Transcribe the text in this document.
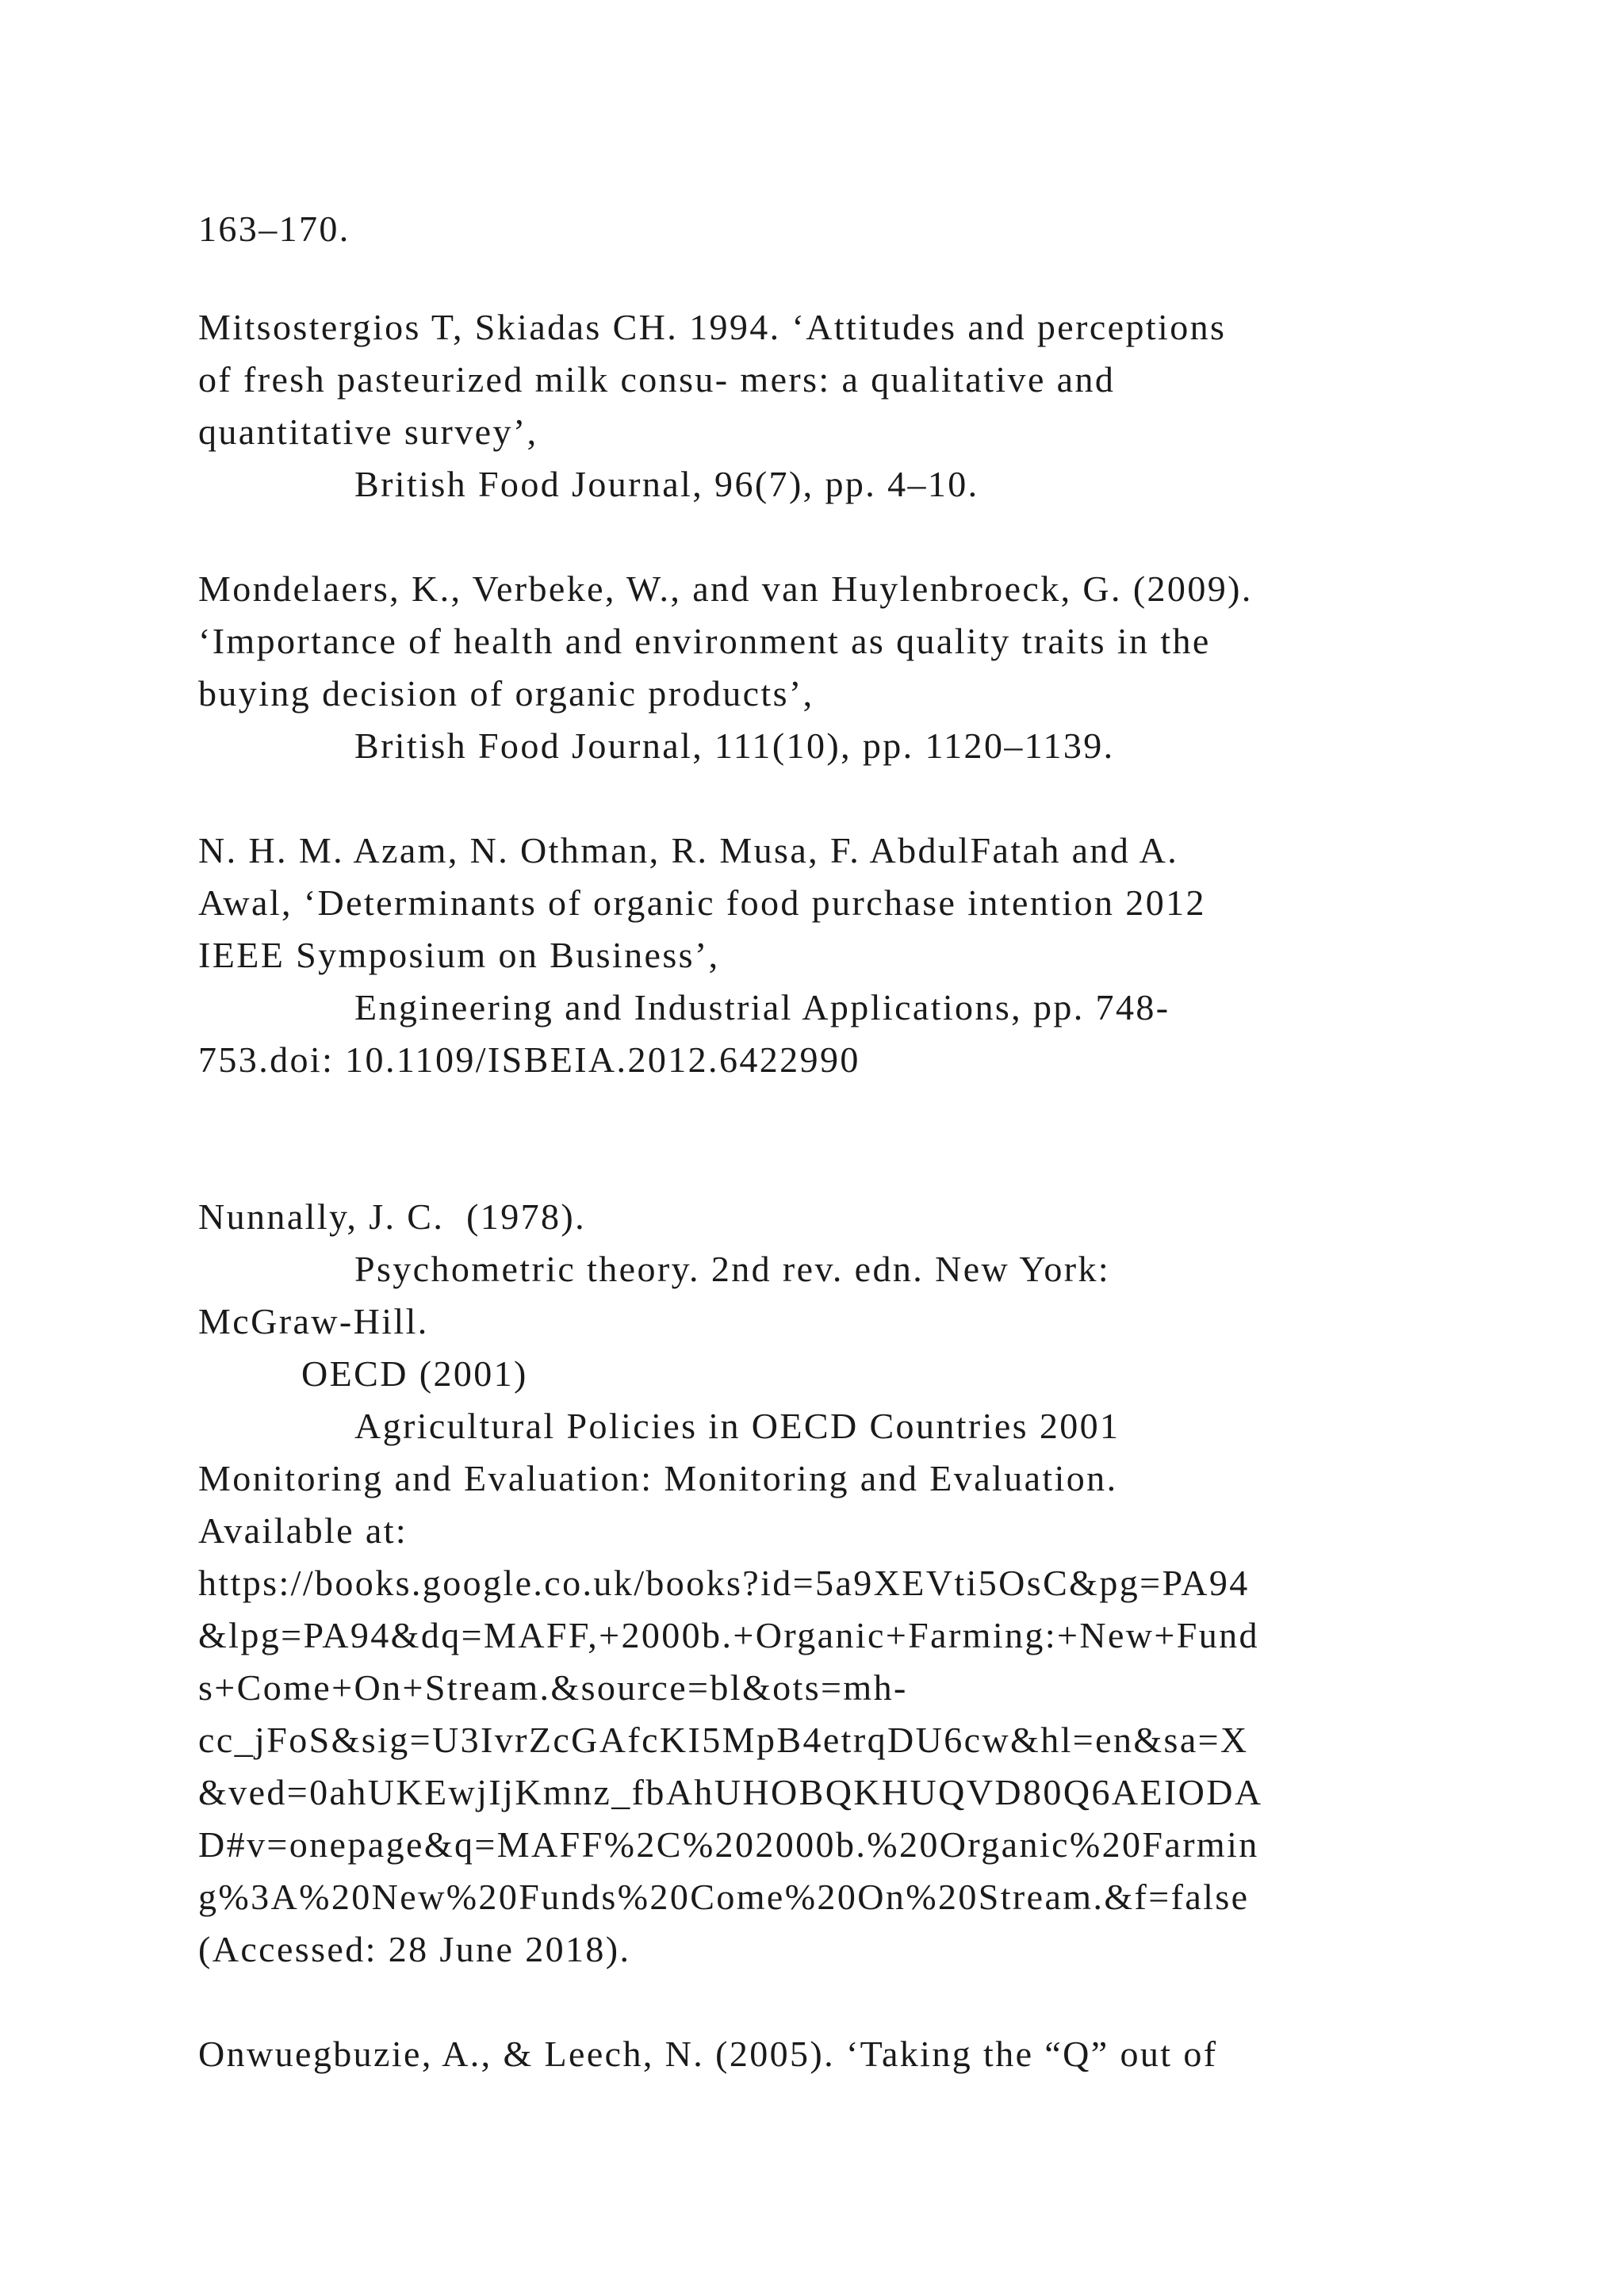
163–170.

Mitsostergios T, Skiadas CH. 1994. ‘Attitudes and perceptions

of fresh pasteurized milk consu- mers: a qualitative and

quantitative survey’,

British Food Journal, 96(7), pp. 4–10.

Mondelaers, K., Verbeke, W., and van Huylenbroeck, G. (2009).

‘Importance of health and environment as quality traits in the

buying decision of organic products’,

British Food Journal, 111(10), pp. 1120–1139.

N. H. M. Azam, N. Othman, R. Musa, F. AbdulFatah and A.

Awal, ‘Determinants of organic food purchase intention 2012

IEEE Symposium on Business’,

Engineering and Industrial Applications, pp. 748-

753.doi: 10.1109/ISBEIA.2012.6422990

Nunnally, J. C.  (1978).

Psychometric theory. 2nd rev. edn. New York:

McGraw-Hill.

OECD (2001)

Agricultural Policies in OECD Countries 2001

Monitoring and Evaluation: Monitoring and Evaluation.

Available at:

https://books.google.co.uk/books?id=5a9XEVti5OsC&pg=PA94

&lpg=PA94&dq=MAFF,+2000b.+Organic+Farming:+New+Fund

s+Come+On+Stream.&source=bl&ots=mh-

cc_jFoS&sig=U3IvrZcGAfcKI5MpB4etrqDU6cw&hl=en&sa=X

&ved=0ahUKEwjIjKmnz_fbAhUHOBQKHUQVD80Q6AEIODA

D#v=onepage&q=MAFF%2C%202000b.%20Organic%20Farmin

g%3A%20New%20Funds%20Come%20On%20Stream.&f=false

(Accessed: 28 June 2018).

Onwuegbuzie, A., & Leech, N. (2005). ‘Taking the “Q” out of
